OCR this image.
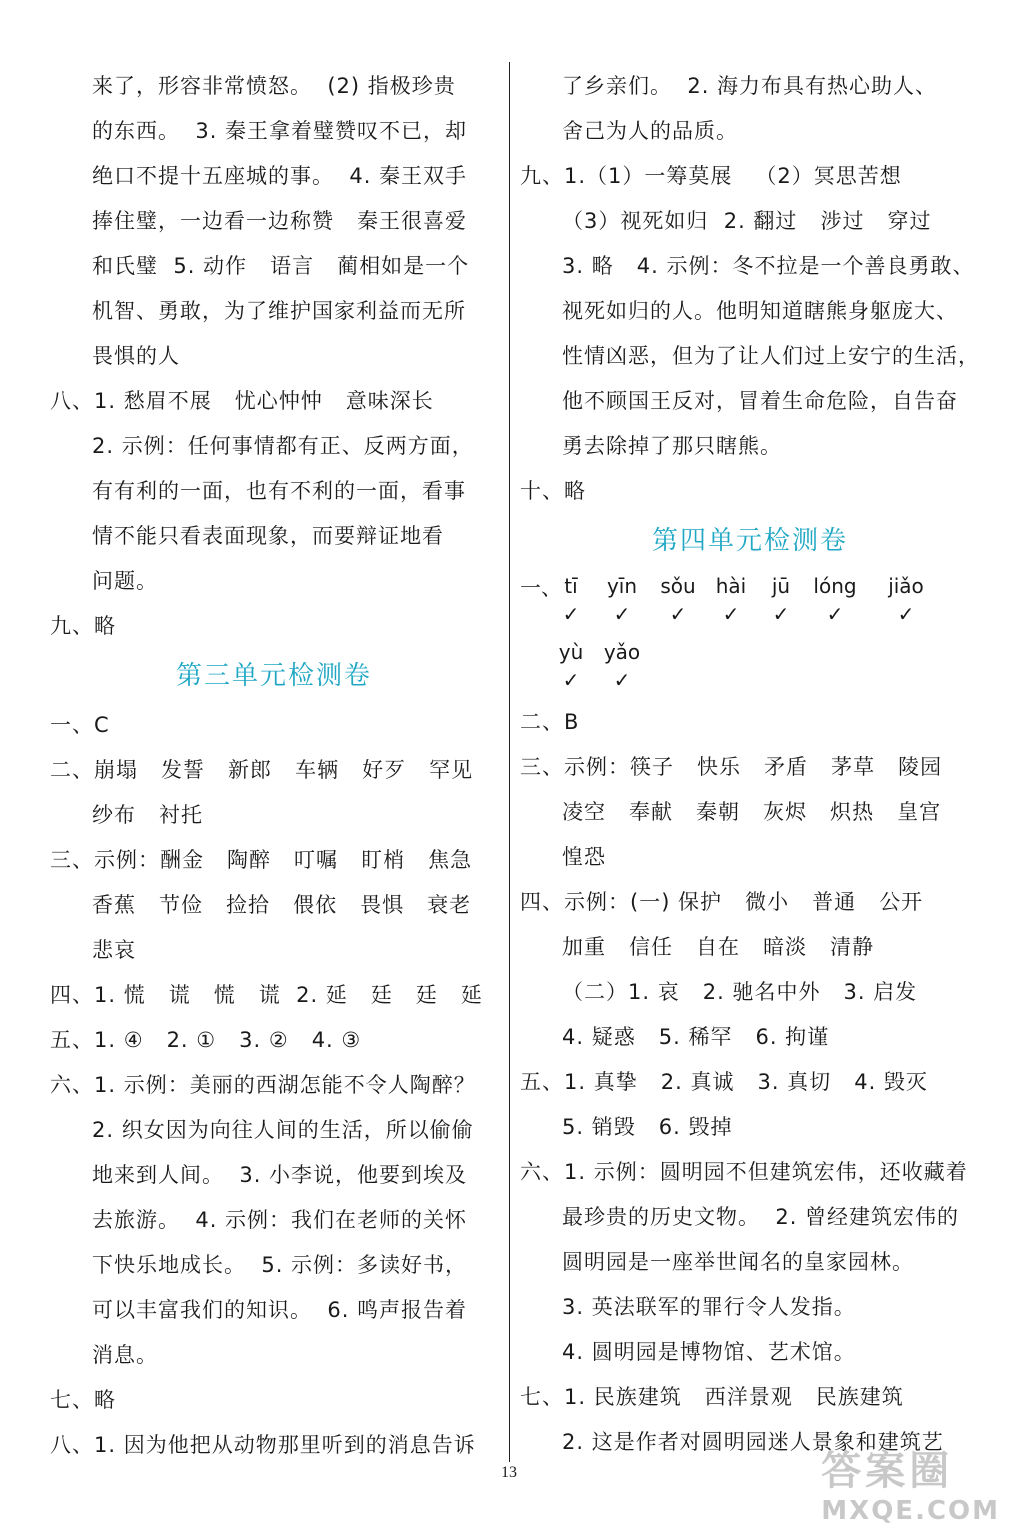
来了，形容非常愤怒。  (2) 指极珍贵
的东西。  3. 秦王拿着璧赞叹不已，却
绝口不提十五座城的事。  4. 秦王双手
捧住璧，一边看一边称赞   秦王很喜爱
和氏璧  5. 动作   语言   蔺相如是一个
机智、勇敢，为了维护国家利益而无所
畏惧的人
八、1. 愁眉不展   忧心忡忡   意味深长
2. 示例：任何事情都有正、反两方面，
有有利的一面，也有不利的一面，看事
情不能只看表面现象，而要辩证地看
问题。
九、略
第三单元检测卷
一、C
二、崩塌   发誓   新郎   车辆   好歹   罕见
纱布   衬托
三、示例：酬金   陶醉   叮嘱   盯梢   焦急
香蕉   节俭   捡拾   偎依   畏惧   衰老
悲哀
四、1. 慌   谎   慌   谎  2. 延   廷   廷   延
五、1. ④   2. ①   3. ②   4. ③
六、1. 示例：美丽的西湖怎能不令人陶醉？
2. 织女因为向往人间的生活，所以偷偷
地来到人间。  3. 小李说，他要到埃及
去旅游。  4. 示例：我们在老师的关怀
下快乐地成长。  5. 示例：多读好书，
可以丰富我们的知识。  6. 鸣声报告着
消息。
七、略
八、1. 因为他把从动物那里听到的消息告诉
了乡亲们。  2. 海力布具有热心助人、
舍己为人的品质。
九、1.（1）一筹莫展   （2）冥思苦想
（3）视死如归  2. 翻过   涉过   穿过
3. 略   4. 示例：冬不拉是一个善良勇敢、
视死如归的人。他明知道瞎熊身躯庞大、
性情凶恶，但为了让人们过上安宁的生活，
他不顾国王反对，冒着生命危险，自告奋
勇去除掉了那只瞎熊。
十、略
第四单元检测卷
一、 tī
✓
yīn
✓
sǒu
✓
hài
✓
jū
✓
lóng
✓
jiǎo
✓
yù
✓
yǎo
✓
二、B
三、示例：筷子   快乐   矛盾   茅草   陵园
凌空   奉献   秦朝   灰烬   炽热   皇宫
惶恐
四、示例：(一) 保护   微小   普通   公开
加重   信任   自在   暗淡   清静
（二）1. 哀   2. 驰名中外   3. 启发
4. 疑惑   5. 稀罕   6. 拘谨
五、1. 真挚   2. 真诚   3. 真切   4. 毁灭
5. 销毁   6. 毁掉
六、1. 示例：圆明园不但建筑宏伟，还收藏着
最珍贵的历史文物。  2. 曾经建筑宏伟的
圆明园是一座举世闻名的皇家园林。
3. 英法联军的罪行令人发指。
4. 圆明园是博物馆、艺术馆。
七、1. 民族建筑   西洋景观   民族建筑
2. 这是作者对圆明园迷人景象和建筑艺
13	答案圈
MXQE.COM
